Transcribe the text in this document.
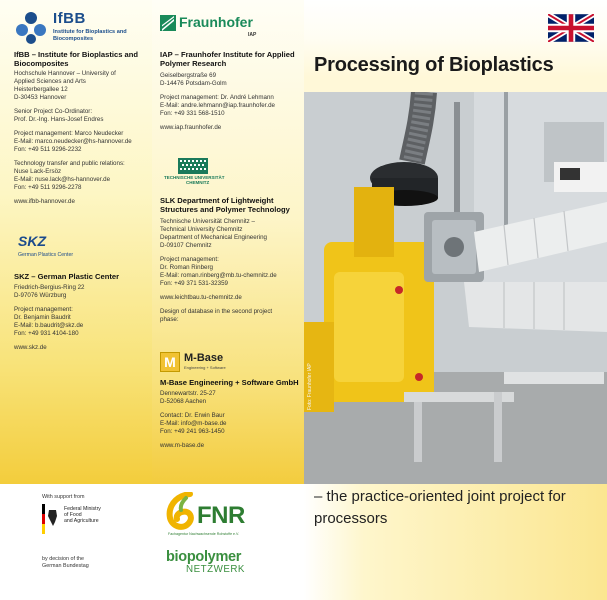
IfBB
Institute for Bioplastics and Biocomposites
IfBB – Institute for Bioplastics and Biocomposites
Hochschule Hannover – University of
Applied Sciences and Arts
Heisterbergallee 12
D-30453 Hannover
Senior Project Co-Ordinator:
Prof. Dr.-Ing. Hans-Josef Endres
Project management: Marco Neudecker
E-Mail: marco.neudecker@hs-hannover.de
Fon: +49 511 9296-2232
Technology transfer and public relations:
Nuse Lack-Ersöz
E-Mail: nuse.lack@hs-hannover.de
Fon: +49 511 9296-2278
www.ifbb-hannover.de
SKZ
German Plastics Center
SKZ – German Plastic Center
Friedrich-Bergius-Ring 22
D-97076 Würzburg
Project management:
Dr. Benjamin Baudrit
E-Mail: b.baudrit@skz.de
Fon: +49 931 4104-180
www.skz.de
Fraunhofer
IAP
IAP – Fraunhofer Institute for Applied Polymer Research
Geiselbergstraße 69
D-14476 Potsdam-Golm
Project management: Dr. André Lehmann
E-Mail: andre.lehmann@iap.fraunhofer.de
Fon: +49 331 568-1510
www.iap.fraunhofer.de
TECHNISCHE UNIVERSITÄT
CHEMNITZ
SLK Department of Lightweight Structures and Polymer Technology
Technische Universität Chemnitz –
Technical University Chemnitz
Department of Mechanical Engineering
D-09107 Chemnitz
Project management:
Dr. Roman Rinberg
E-Mail: roman.rinberg@mb.tu-chemnitz.de
Fon: +49 371 531-32359
www.leichtbau.tu-chemnitz.de
Design of database in the second project
phase:
M M-Base
Engineering + Software
M-Base Engineering + Software GmbH
Dennewartstr. 25-27
D-52068 Aachen
Contact: Dr. Erwin Baur
E-Mail: info@m-base.de
Fon: +49 241 963-1450
www.m-base.de
Processing of Bioplastics
Foto: Fraunhofer IAP
– the practice-oriented joint project for processors
With support from
Federal Ministry
of Food
and Agriculture
by decision of the
German Bundestag
FNR
Fachagentur Nachwachsende Rohstoffe e.V.
biopolymer
NETZWERK
